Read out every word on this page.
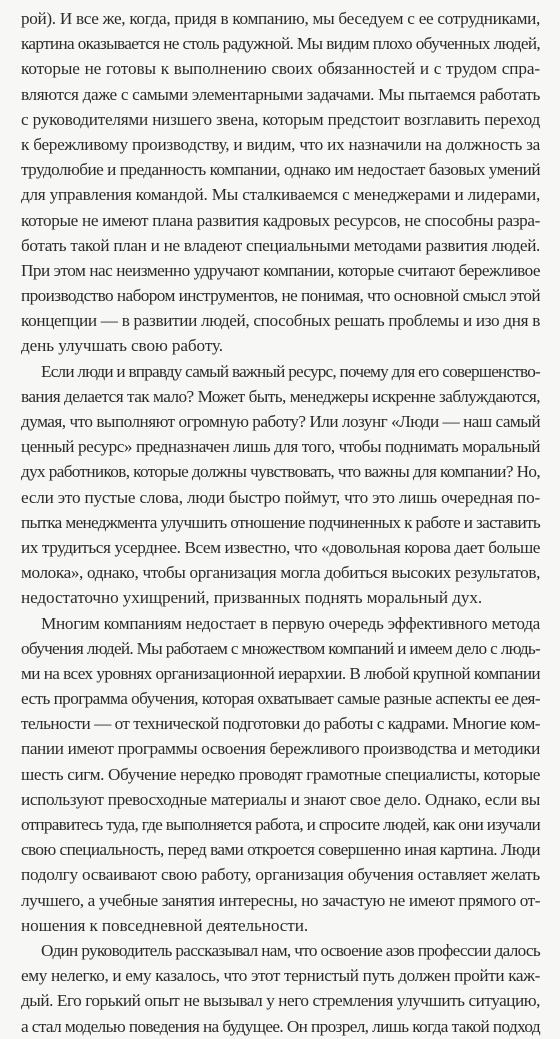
рой). И все же, когда, придя в компанию, мы беседуем с ее сотрудниками,
картина оказывается не столь радужной. Мы видим плохо обученных людей,
которые не готовы к выполнению своих обязанностей и с трудом спра-
вляются даже с самыми элементарными задачами. Мы пытаемся работать
с руководителями низшего звена, которым предстоит возглавить переход
к бережливому производству, и видим, что их назначили на должность за
трудолюбие и преданность компании, однако им недостает базовых умений
для управления командой. Мы сталкиваемся с менеджерами и лидерами,
которые не имеют плана развития кадровых ресурсов, не способны разра-
ботать такой план и не владеют специальными методами развития людей.
При этом нас неизменно удручают компании, которые считают бережливое
производство набором инструментов, не понимая, что основной смысл этой
концепции — в развитии людей, способных решать проблемы и изо дня в
день улучшать свою работу.
Если люди и вправду самый важный ресурс, почему для его совершенство-
вания делается так мало? Может быть, менеджеры искренне заблуждаются,
думая, что выполняют огромную работу? Или лозунг «Люди — наш самый
ценный ресурс» предназначен лишь для того, чтобы поднимать моральный
дух работников, которые должны чувствовать, что важны для компании? Но,
если это пустые слова, люди быстро поймут, что это лишь очередная по-
пытка менеджмента улучшить отношение подчиненных к работе и заставить
их трудиться усерднее. Всем известно, что «довольная корова дает больше
молока», однако, чтобы организация могла добиться высоких результатов,
недостаточно ухищрений, призванных поднять моральный дух.
Многим компаниям недостает в первую очередь эффективного метода
обучения людей. Мы работаем с множеством компаний и имеем дело с людь-
ми на всех уровнях организационной иерархии. В любой крупной компании
есть программа обучения, которая охватывает самые разные аспекты ее дея-
тельности — от технической подготовки до работы с кадрами. Многие ком-
пании имеют программы освоения бережливого производства и методики
шесть сигм. Обучение нередко проводят грамотные специалисты, которые
используют превосходные материалы и знают свое дело. Однако, если вы
отправитесь туда, где выполняется работа, и спросите людей, как они изучали
свою специальность, перед вами откроется совершенно иная картина. Люди
подолгу осваивают свою работу, организация обучения оставляет желать
лучшего, а учебные занятия интересны, но зачастую не имеют прямого от-
ношения к повседневной деятельности.
Один руководитель рассказывал нам, что освоение азов профессии далось
ему нелегко, и ему казалось, что этот тернистый путь должен пройти каж-
дый. Его горький опыт не вызывал у него стремления улучшить ситуацию,
а стал моделью поведения на будущее. Он прозрел, лишь когда такой подход
